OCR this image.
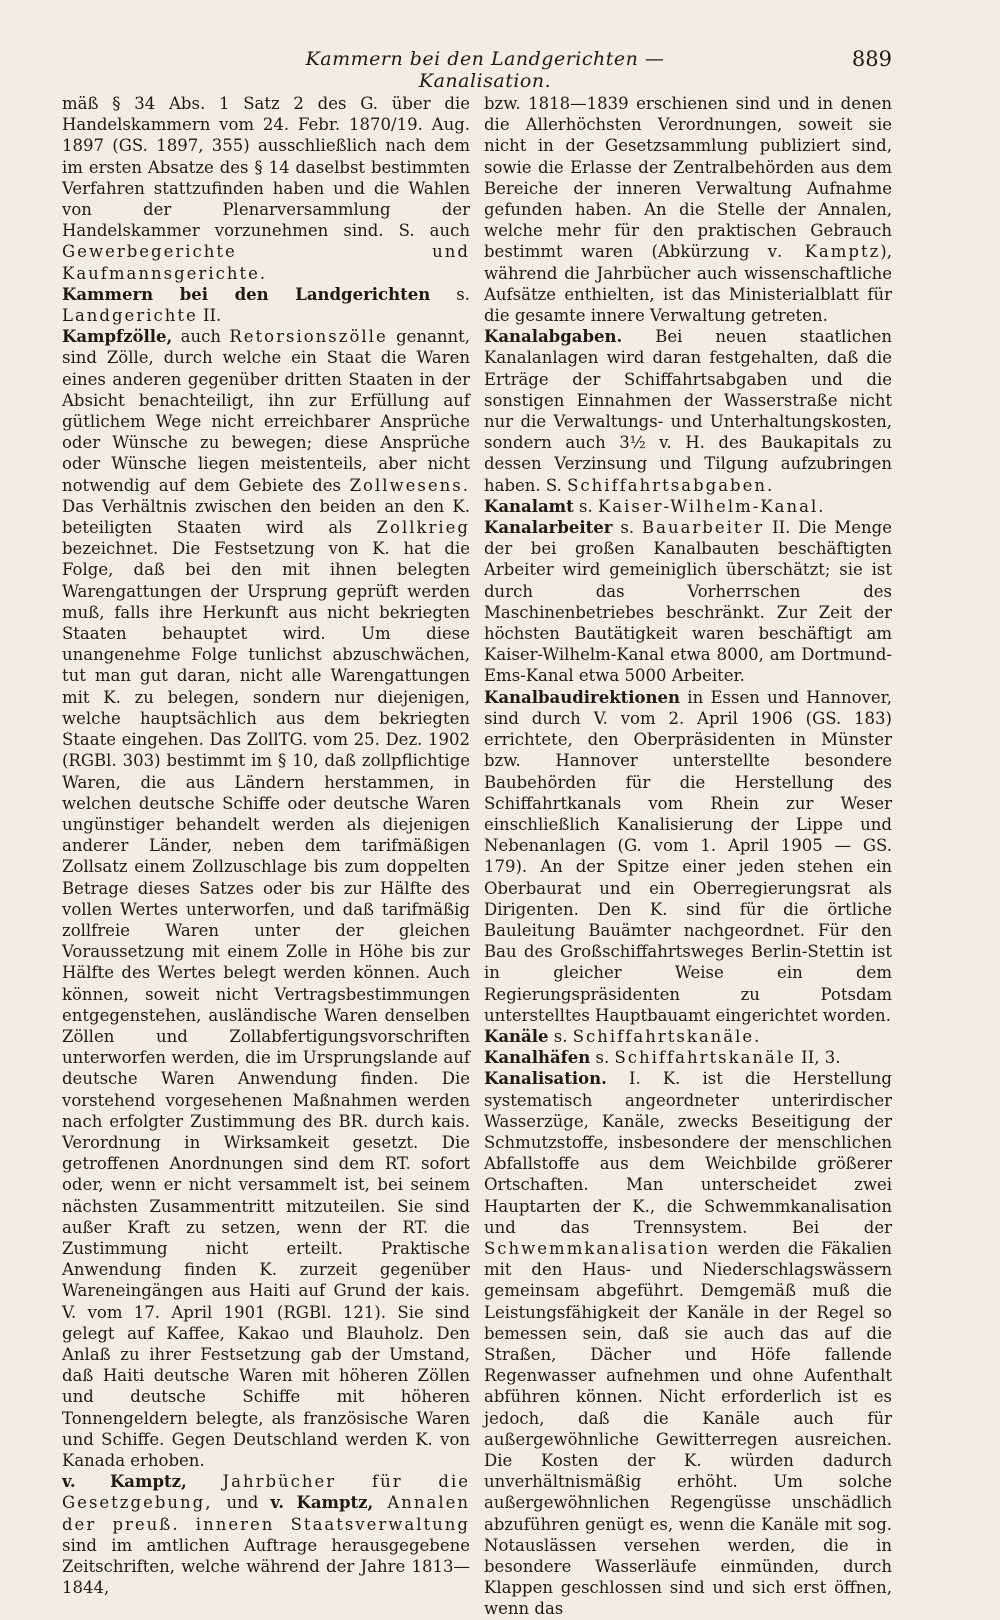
Kammern bei den Landgerichten — Kanalisation.
889

mäß § 34 Abs. 1 Satz 2 des G. über die Handelskammern vom 24. Febr. 1870/19. Aug. 1897 (GS. 1897, 355) ausschließlich nach dem im ersten Absatze des § 14 daselbst bestimmten Verfahren stattzufinden haben und die Wahlen von der Plenarversammlung der Handelskammer vorzunehmen sind. S. auch Gewerbegerichte und Kaufmannsgerichte.

Kammern bei den Landgerichten s. Landgerichte II.

Kampfzölle, auch Retorsionszölle genannt, sind Zölle, durch welche ein Staat die Waren eines anderen gegenüber dritten Staaten in der Absicht benachteiligt, ihn zur Erfüllung auf gütlichem Wege nicht erreichbarer Ansprüche oder Wünsche zu bewegen; diese Ansprüche oder Wünsche liegen meistenteils, aber nicht notwendig auf dem Gebiete des Zollwesens. Das Verhältnis zwischen den beiden an den K. beteiligten Staaten wird als Zollkrieg bezeichnet. Die Festsetzung von K. hat die Folge, daß bei den mit ihnen belegten Warengattungen der Ursprung geprüft werden muß, falls ihre Herkunft aus nicht bekriegten Staaten behauptet wird. Um diese unangenehme Folge tunlichst abzuschwächen, tut man gut daran, nicht alle Warengattungen mit K. zu belegen, sondern nur diejenigen, welche hauptsächlich aus dem bekriegten Staate eingehen. Das ZollTG. vom 25. Dez. 1902 (RGBl. 303) bestimmt im § 10, daß zollpflichtige Waren, die aus Ländern herstammen, in welchen deutsche Schiffe oder deutsche Waren ungünstiger behandelt werden als diejenigen anderer Länder, neben dem tarifmäßigen Zollsatz einem Zollzuschlage bis zum doppelten Betrage dieses Satzes oder bis zur Hälfte des vollen Wertes unterworfen, und daß tarifmäßig zollfreie Waren unter der gleichen Voraussetzung mit einem Zolle in Höhe bis zur Hälfte des Wertes belegt werden können. Auch können, soweit nicht Vertragsbestimmungen entgegenstehen, ausländische Waren denselben Zöllen und Zollabfertigungsvorschriften unterworfen werden, die im Ursprungslande auf deutsche Waren Anwendung finden. Die vorstehend vorgesehenen Maßnahmen werden nach erfolgter Zustimmung des BR. durch kais. Verordnung in Wirksamkeit gesetzt. Die getroffenen Anordnungen sind dem RT. sofort oder, wenn er nicht versammelt ist, bei seinem nächsten Zusammentritt mitzuteilen. Sie sind außer Kraft zu setzen, wenn der RT. die Zustimmung nicht erteilt. Praktische Anwendung finden K. zurzeit gegenüber Wareneingängen aus Haiti auf Grund der kais. V. vom 17. April 1901 (RGBl. 121). Sie sind gelegt auf Kaffee, Kakao und Blauholz. Den Anlaß zu ihrer Festsetzung gab der Umstand, daß Haiti deutsche Waren mit höheren Zöllen und deutsche Schiffe mit höheren Tonnengeldern belegte, als französische Waren und Schiffe. Gegen Deutschland werden K. von Kanada erhoben.

v. Kamptz, Jahrbücher für die Gesetzgebung, und v. Kamptz, Annalen der preuß. inneren Staatsverwaltung sind im amtlichen Auftrage herausgegebene Zeitschriften, welche während der Jahre 1813—1844,

bzw. 1818—1839 erschienen sind und in denen die Allerhöchsten Verordnungen, soweit sie nicht in der Gesetzsammlung publiziert sind, sowie die Erlasse der Zentralbehörden aus dem Bereiche der inneren Verwaltung Aufnahme gefunden haben. An die Stelle der Annalen, welche mehr für den praktischen Gebrauch bestimmt waren (Abkürzung v. Kamptz), während die Jahrbücher auch wissenschaftliche Aufsätze enthielten, ist das Ministerialblatt für die gesamte innere Verwaltung getreten.

Kanalabgaben. Bei neuen staatlichen Kanalanlagen wird daran festgehalten, daß die Erträge der Schiffahrtsabgaben und die sonstigen Einnahmen der Wasserstraße nicht nur die Verwaltungs- und Unterhaltungskosten, sondern auch 3½ v. H. des Baukapitals zu dessen Verzinsung und Tilgung aufzubringen haben. S. Schiffahrtsabgaben.

Kanalamt s. Kaiser-Wilhelm-Kanal.

Kanalarbeiter s. Bauarbeiter II. Die Menge der bei großen Kanalbauten beschäftigten Arbeiter wird gemeiniglich überschätzt; sie ist durch das Vorherrschen des Maschinenbetriebes beschränkt. Zur Zeit der höchsten Bautätigkeit waren beschäftigt am Kaiser-Wilhelm-Kanal etwa 8000, am Dortmund-Ems-Kanal etwa 5000 Arbeiter.

Kanalbaudirektionen in Essen und Hannover, sind durch V. vom 2. April 1906 (GS. 183) errichtete, den Oberpräsidenten in Münster bzw. Hannover unterstellte besondere Baubehörden für die Herstellung des Schiffahrtkanals vom Rhein zur Weser einschließlich Kanalisierung der Lippe und Nebenanlagen (G. vom 1. April 1905 — GS. 179). An der Spitze einer jeden stehen ein Oberbaurat und ein Oberregierungsrat als Dirigenten. Den K. sind für die örtliche Bauleitung Bauämter nachgeordnet. Für den Bau des Großschiffahrtsweges Berlin-Stettin ist in gleicher Weise ein dem Regierungspräsidenten zu Potsdam unterstelltes Hauptbauamt eingerichtet worden.

Kanäle s. Schiffahrtskanäle.

Kanalhäfen s. Schiffahrtskanäle II, 3.

Kanalisation. I. K. ist die Herstellung systematisch angeordneter unterirdischer Wasserzüge, Kanäle, zwecks Beseitigung der Schmutzstoffe, insbesondere der menschlichen Abfallstoffe aus dem Weichbilde größerer Ortschaften. Man unterscheidet zwei Hauptarten der K., die Schwemmkanalisation und das Trennsystem. Bei der Schwemmkanalisation werden die Fäkalien mit den Haus- und Niederschlagswässern gemeinsam abgeführt. Demgemäß muß die Leistungsfähigkeit der Kanäle in der Regel so bemessen sein, daß sie auch das auf die Straßen, Dächer und Höfe fallende Regenwasser aufnehmen und ohne Aufenthalt abführen können. Nicht erforderlich ist es jedoch, daß die Kanäle auch für außergewöhnliche Gewitterregen ausreichen. Die Kosten der K. würden dadurch unverhältnismäßig erhöht. Um solche außergewöhnlichen Regengüsse unschädlich abzuführen genügt es, wenn die Kanäle mit sog. Notauslässen versehen werden, die in besondere Wasserläufe einmünden, durch Klappen geschlossen sind und sich erst öffnen, wenn das
